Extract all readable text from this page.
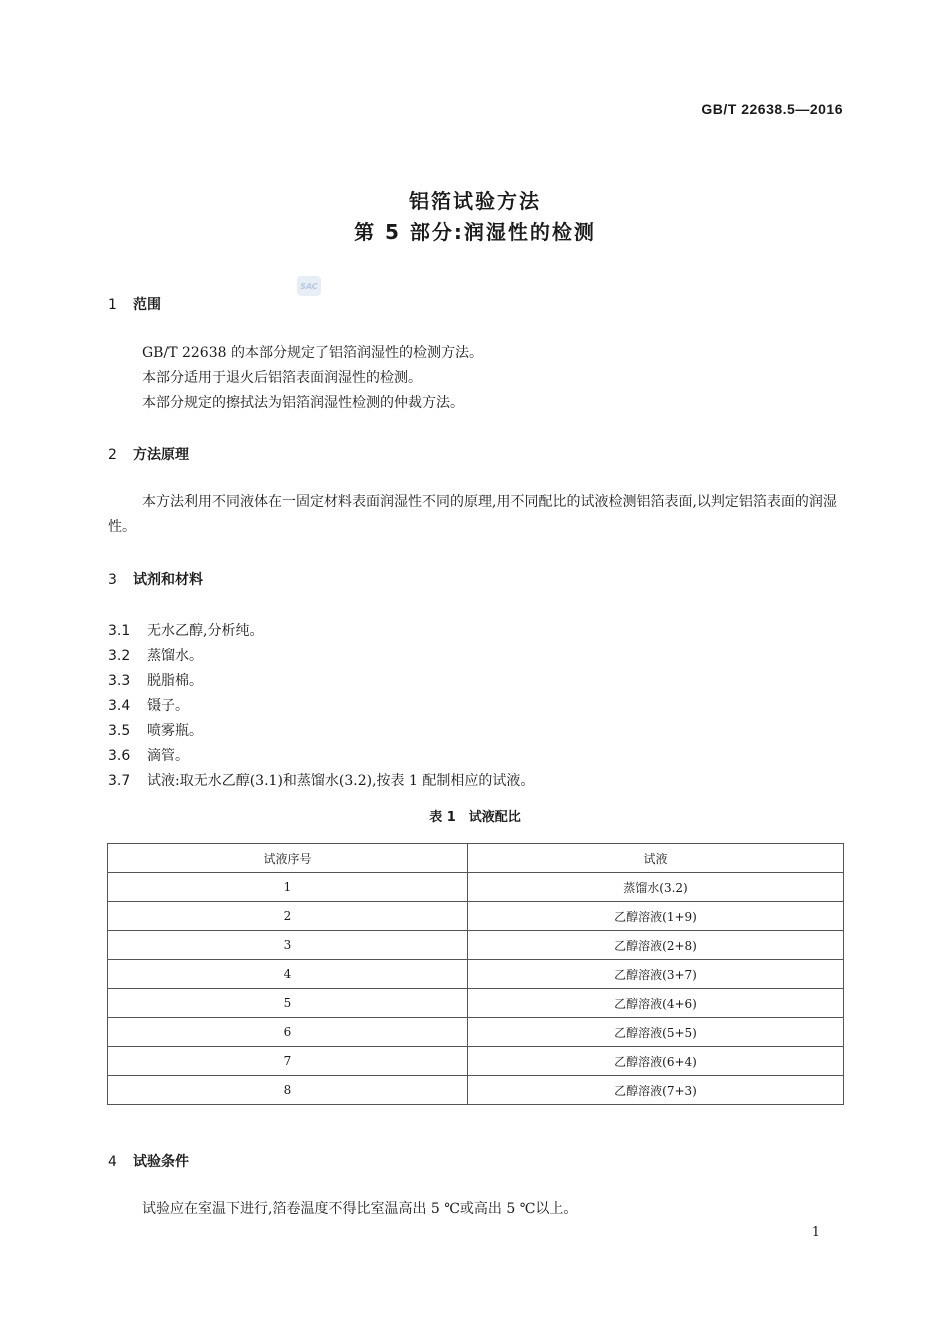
GB/T 22638.5—2016
铝箔试验方法
第 5 部分:润湿性的检测
SAC
1 范围
GB/T 22638 的本部分规定了铝箔润湿性的检测方法。
本部分适用于退火后铝箔表面润湿性的检测。
本部分规定的擦拭法为铝箔润湿性检测的仲裁方法。
2 方法原理
本方法利用不同液体在一固定材料表面润湿性不同的原理,用不同配比的试液检测铝箔表面,以判定铝箔表面的润湿性。
3 试剂和材料
3.1 无水乙醇,分析纯。
3.2 蒸馏水。
3.3 脱脂棉。
3.4 镊子。
3.5 喷雾瓶。
3.6 滴管。
3.7 试液:取无水乙醇(3.1)和蒸馏水(3.2),按表 1 配制相应的试液。
表 1　试液配比
试液序号	试液
1	蒸馏水(3.2)
2	乙醇溶液(1+9)
3	乙醇溶液(2+8)
4	乙醇溶液(3+7)
5	乙醇溶液(4+6)
6	乙醇溶液(5+5)
7	乙醇溶液(6+4)
8	乙醇溶液(7+3)
4 试验条件
试验应在室温下进行,箔卷温度不得比室温高出 5 ℃或高出 5 ℃以上。
1
